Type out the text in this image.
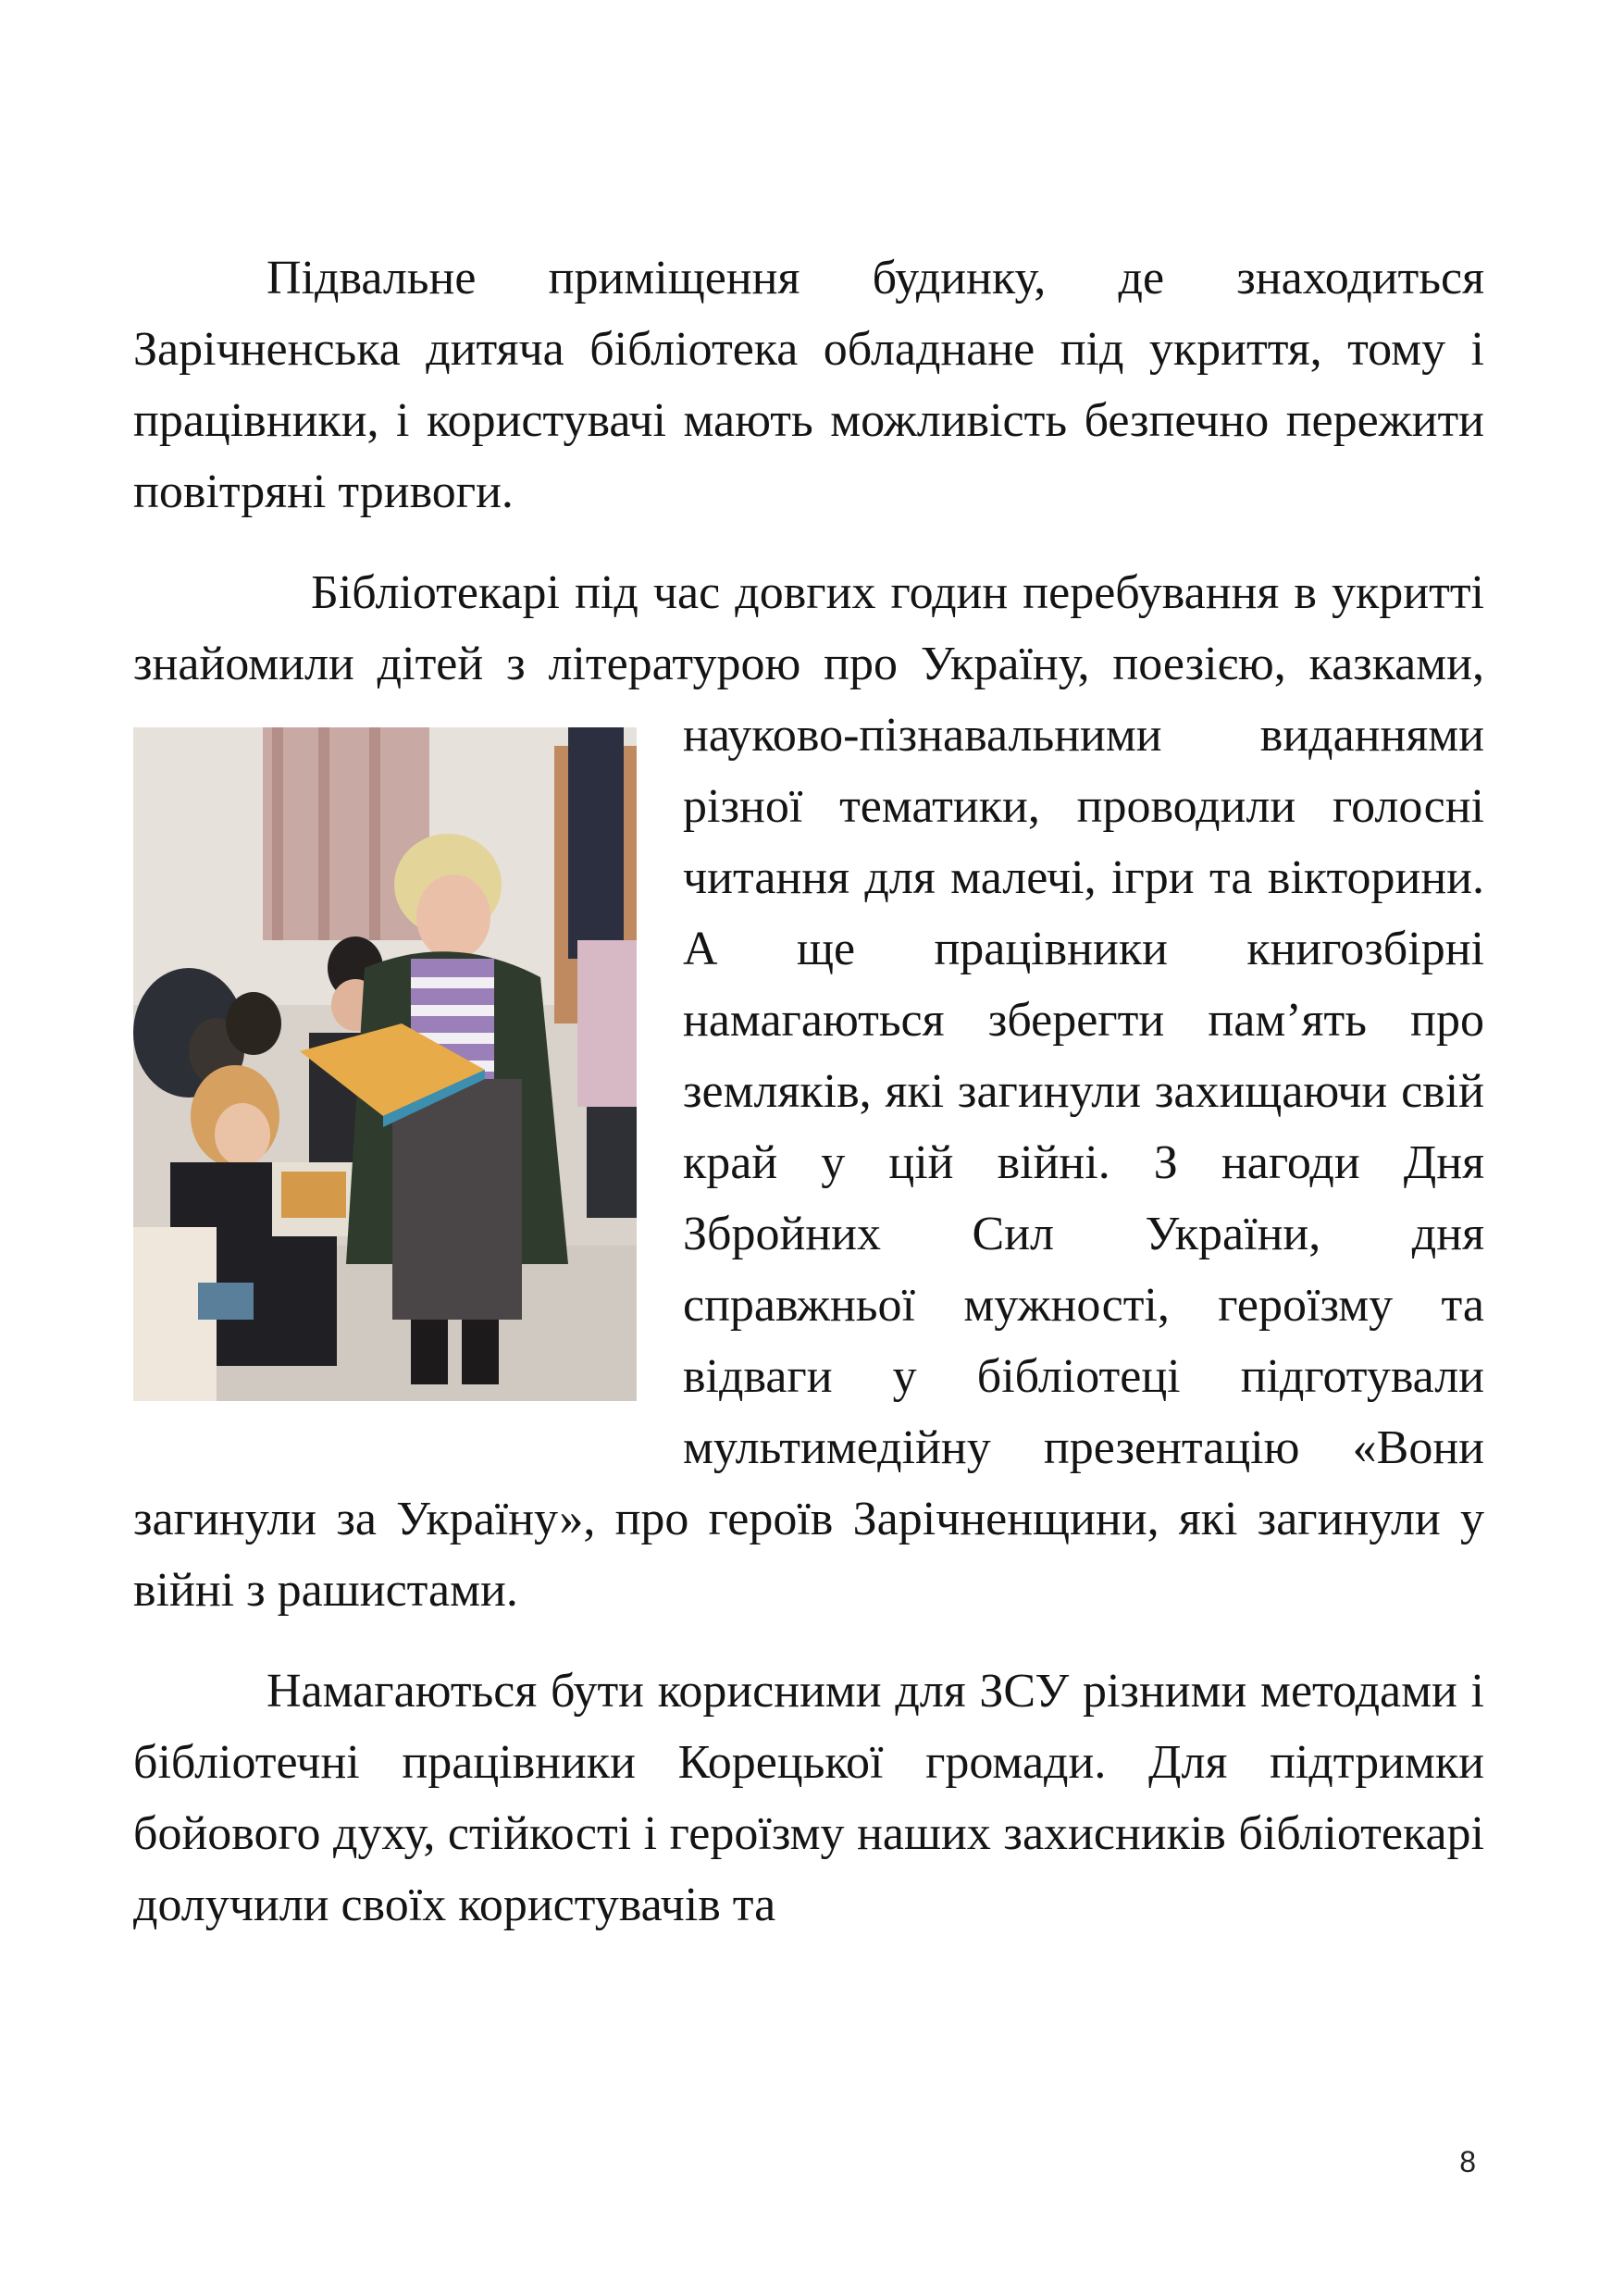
Підвальне приміщення будинку, де знаходиться Зарічненська дитяча бібліотека обладнане під укриття, тому і працівники, і користувачі мають можливість безпечно пережити повітряні тривоги.

Бібліотекарі під час довгих годин перебування в укритті знайомили дітей з літературою про Україну,
поезією, казками, науково-пізнавальними виданнями різної тематики, проводили голосні читання для малечі, ігри та вікторини. А ще працівники книгозбірні намагаються зберегти пам’ять про земляків, які загинули захищаючи свій край у цій війні. З нагоди Дня Збройних Сил України, дня справжньої мужності, героїзму та відваги у бібліотеці підготували мультимедійну презентацію «Вони загинули за Україну», про героїв Зарічненщини, які загинули у війні з рашистами.

Намагаються бути корисними для ЗСУ різними методами і бібліотечні працівники Корецької громади. Для підтримки бойового духу, стійкості і героїзму наших захисників бібліотекарі долучили своїх користувачів та

8
